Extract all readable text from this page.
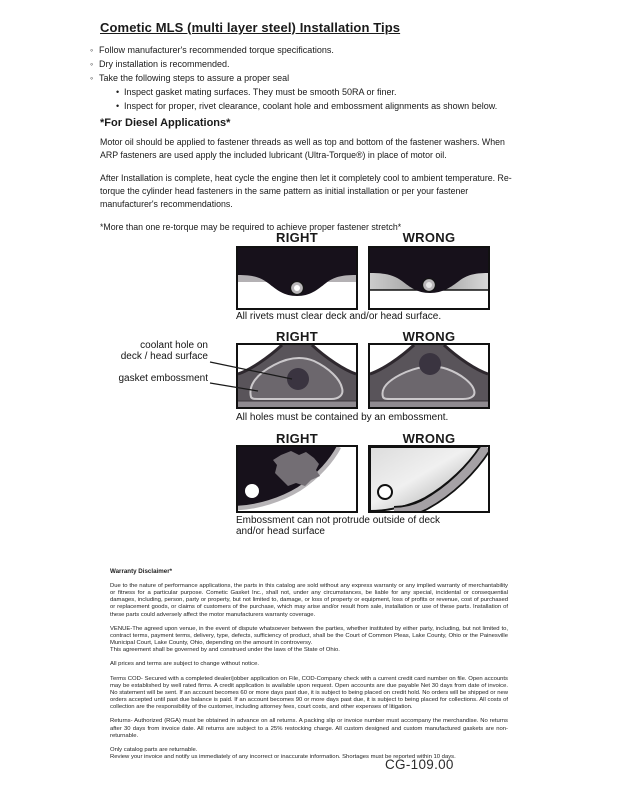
Cometic MLS (multi layer steel) Installation Tips
◦ Follow manufacturer's recommended torque specifications.
◦ Dry installation is recommended.
◦ Take the following steps to assure a proper seal
• Inspect gasket mating surfaces. They must be smooth 50RA or finer.
• Inspect for proper, rivet clearance, coolant hole and embossment alignments as shown below.
*For Diesel Applications*

Motor oil should be applied to fastener threads as well as top and bottom of the fastener washers. When ARP fasteners are used apply the included lubricant (Ultra-Torque®) in place of motor oil.

After Installation is complete, heat cycle the engine then let it completely cool to ambient temperature. Re-torque the cylinder head fasteners in the same pattern as initial installation or per your fastener manufacturer's recommendations.

*More than one re-torque may be required to achieve proper fastener stretch*

RIGHT	WRONG
All rivets must clear deck and/or head surface.
RIGHT	WRONG
coolant hole on
deck / head surface
gasket embossment
All holes must be contained by an embossment.
RIGHT	WRONG
Embossment can not protrude outside of deck
and/or head surface
Warranty Disclaimer*
Due to the nature of performance applications, the parts in this catalog are sold without any express warranty or any implied warranty of merchantability or fitness for a particular purpose. Cometic Gasket Inc., shall not, under any circumstances, be liable for any special, incidental or consequential damages, including, person, party or property, but not limited to, damage, or loss of property or equipment, loss of profits or revenue, cost of purchased or replacement goods, or claims of customers of the purchase, which may arise and/or result from sale, installation or use of these parts. Installation of these parts could adversely affect the motor manufacturers warranty coverage.
VENUE-The agreed upon venue, in the event of dispute whatsoever between the parties, whether instituted by either party, including, but not limited to, contract terms, payment terms, delivery, type, defects, sufficiency of product, shall be the Court of Common Pleas, Lake County, Ohio or the Painesville Municipal Court, Lake County, Ohio, depending on the amount in controversy.
This agreement shall be governed by and construed under the laws of the State of Ohio.
All prices and terms are subject to change without notice.
Terms COD- Secured with a completed dealer/jobber application on File, COD-Company check with a current credit card number on file. Open accounts may be established by well rated firms. A credit application is available upon request. Open accounts are due payable Net 30 days from date of invoice. No statement will be sent. If an account becomes 60 or more days past due, it is subject to being placed on credit hold. No orders will be shipped or new orders accepted until past due balance is paid. If an account becomes 90 or more days past due, it is subject to being placed for collections. All costs of collection are the responsibility of the customer, including attorney fees, court costs, and other expenses of litigation.
Returns- Authorized (RGA) must be obtained in advance on all returns. A packing slip or invoice number must accompany the merchandise. No returns after 30 days from invoice date. All returns are subject to a 25% restocking charge. All custom designed and custom manufactured gaskets are non-returnable.
Only catalog parts are returnable.
Review your invoice and notify us immediately of any incorrect or inaccurate information. Shortages must be reported within 10 days.
CG-109.00
